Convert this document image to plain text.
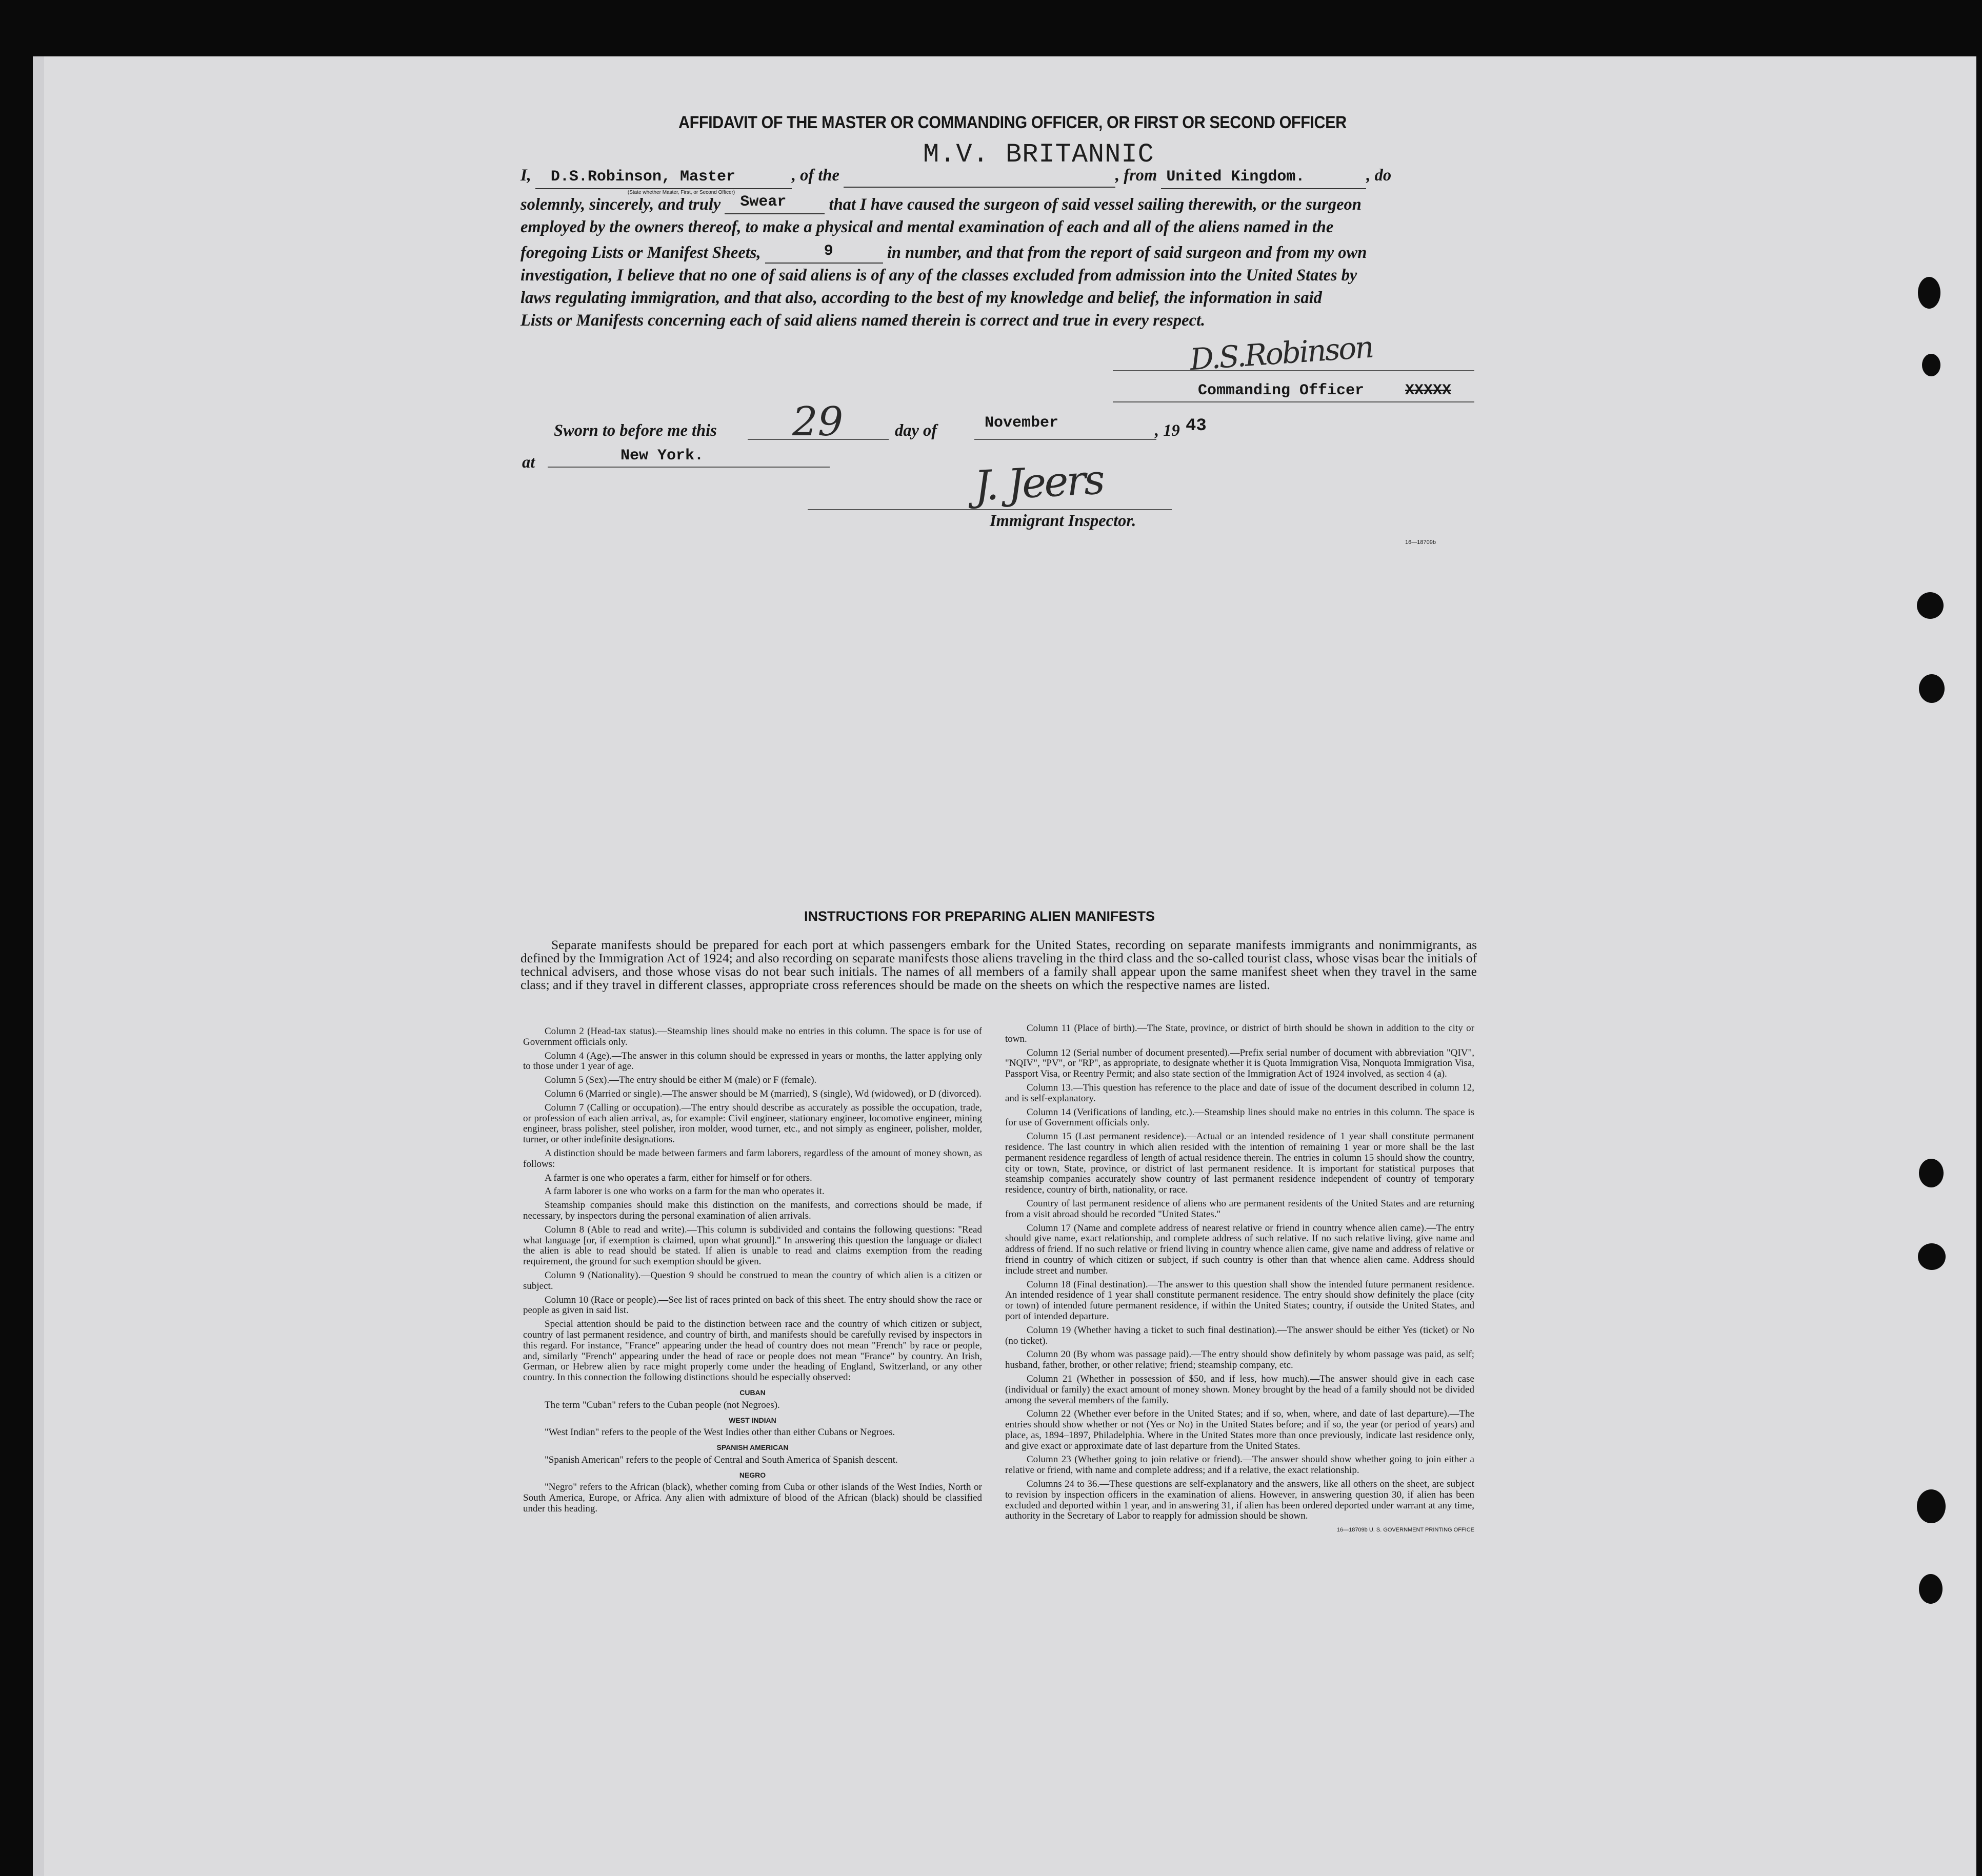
AFFIDAVIT OF THE MASTER OR COMMANDING OFFICER, OR FIRST OR SECOND OFFICER
M.V. BRITANNIC

I, D.S.Robinson, Master
(State whether Master, First, or Second Officer)
, of the	, from United Kingdom.	, do

solemnly, sincerely, and truly Swear	that I have caused the surgeon of said vessel sailing therewith, or the surgeon

employed by the owners thereof, to make a physical and mental examination of each and all of the aliens named in the

foregoing Lists or Manifest Sheets,	9	in number, and that from the report of said surgeon and from my own

investigation, I believe that no one of said aliens is of any of the classes excluded from admission into the United States by

laws regulating immigration, and that also, according to the best of my knowledge and belief, the information in said

Lists or Manifests concerning each of said aliens named therein is correct and true in every respect.

D.S.Robinson
Commanding Officer	XXXXX
Sworn to before me this 29	day of	November	, 19 43
at	New York.	J. Jeers
Immigrant Inspector.
16—18709b
INSTRUCTIONS FOR PREPARING ALIEN MANIFESTS

Separate manifests should be prepared for each port at which passengers embark for the United States, recording on separate manifests immigrants and nonimmigrants, as defined by the Immigration Act of 1924; and also recording on separate manifests those aliens traveling in the third class and the so-called tourist class, whose visas bear the initials of technical advisers, and those whose visas do not bear such initials. The names of all members of a family shall appear upon the same manifest sheet when they travel in the same class; and if they travel in different classes, appropriate cross references should be made on the sheets on which the respective names are listed.

Column 2 (Head-tax status).—Steamship lines should make no entries in this column. The space is for use of Government officials only.

Column 4 (Age).—The answer in this column should be expressed in years or months, the latter applying only to those under 1 year of age.

Column 5 (Sex).—The entry should be either M (male) or F (female).

Column 6 (Married or single).—The answer should be M (married), S (single), Wd (widowed), or D (divorced).

Column 7 (Calling or occupation).—The entry should describe as accurately as possible the occupation, trade, or profession of each alien arrival, as, for example: Civil engineer, stationary engineer, locomotive engineer, mining engineer, brass polisher, steel polisher, iron molder, wood turner, etc., and not simply as engineer, polisher, molder, turner, or other indefinite designations.

A distinction should be made between farmers and farm laborers, regardless of the amount of money shown, as follows:

A farmer is one who operates a farm, either for himself or for others.

A farm laborer is one who works on a farm for the man who operates it.

Steamship companies should make this distinction on the manifests, and corrections should be made, if necessary, by inspectors during the personal examination of alien arrivals.

Column 8 (Able to read and write).—This column is subdivided and contains the following questions: "Read what language [or, if exemption is claimed, upon what ground]." In answering this question the language or dialect the alien is able to read should be stated. If alien is unable to read and claims exemption from the reading requirement, the ground for such exemption should be given.

Column 9 (Nationality).—Question 9 should be construed to mean the country of which alien is a citizen or subject.

Column 10 (Race or people).—See list of races printed on back of this sheet. The entry should show the race or people as given in said list.

Special attention should be paid to the distinction between race and the country of which citizen or subject, country of last permanent residence, and country of birth, and manifests should be carefully revised by inspectors in this regard. For instance, "France" appearing under the head of country does not mean "French" by race or people, and, similarly "French" appearing under the head of race or people does not mean "France" by country. An Irish, German, or Hebrew alien by race might properly come under the heading of England, Switzerland, or any other country. In this connection the following distinctions should be especially observed:

CUBAN

The term "Cuban" refers to the Cuban people (not Negroes).

WEST INDIAN

"West Indian" refers to the people of the West Indies other than either Cubans or Negroes.

SPANISH AMERICAN

"Spanish American" refers to the people of Central and South America of Spanish descent.

NEGRO

"Negro" refers to the African (black), whether coming from Cuba or other islands of the West Indies, North or South America, Europe, or Africa. Any alien with admixture of blood of the African (black) should be classified under this heading.

Column 11 (Place of birth).—The State, province, or district of birth should be shown in addition to the city or town.

Column 12 (Serial number of document presented).—Prefix serial number of document with abbreviation "QIV", "NQIV", "PV", or "RP", as appropriate, to designate whether it is Quota Immigration Visa, Nonquota Immigration Visa, Passport Visa, or Reentry Permit; and also state section of the Immigration Act of 1924 involved, as section 4 (a).

Column 13.—This question has reference to the place and date of issue of the document described in column 12, and is self-explanatory.

Column 14 (Verifications of landing, etc.).—Steamship lines should make no entries in this column. The space is for use of Government officials only.

Column 15 (Last permanent residence).—Actual or an intended residence of 1 year shall constitute permanent residence. The last country in which alien resided with the intention of remaining 1 year or more shall be the last permanent residence regardless of length of actual residence therein. The entries in column 15 should show the country, city or town, State, province, or district of last permanent residence. It is important for statistical purposes that steamship companies accurately show country of last permanent residence independent of country of temporary residence, country of birth, nationality, or race.

Country of last permanent residence of aliens who are permanent residents of the United States and are returning from a visit abroad should be recorded "United States."

Column 17 (Name and complete address of nearest relative or friend in country whence alien came).—The entry should give name, exact relationship, and complete address of such relative. If no such relative living, give name and address of friend. If no such relative or friend living in country whence alien came, give name and address of relative or friend in country of which citizen or subject, if such country is other than that whence alien came. Address should include street and number.

Column 18 (Final destination).—The answer to this question shall show the intended future permanent residence. An intended residence of 1 year shall constitute permanent residence. The entry should show definitely the place (city or town) of intended future permanent residence, if within the United States; country, if outside the United States, and port of intended departure.

Column 19 (Whether having a ticket to such final destination).—The answer should be either Yes (ticket) or No (no ticket).

Column 20 (By whom was passage paid).—The entry should show definitely by whom passage was paid, as self; husband, father, brother, or other relative; friend; steamship company, etc.

Column 21 (Whether in possession of $50, and if less, how much).—The answer should give in each case (individual or family) the exact amount of money shown. Money brought by the head of a family should not be divided among the several members of the family.

Column 22 (Whether ever before in the United States; and if so, when, where, and date of last departure).—The entries should show whether or not (Yes or No) in the United States before; and if so, the year (or period of years) and place, as, 1894–1897, Philadelphia. Where in the United States more than once previously, indicate last residence only, and give exact or approximate date of last departure from the United States.

Column 23 (Whether going to join relative or friend).—The answer should show whether going to join either a relative or friend, with name and complete address; and if a relative, the exact relationship.

Columns 24 to 36.—These questions are self-explanatory and the answers, like all others on the sheet, are subject to revision by inspection officers in the examination of aliens. However, in answering question 30, if alien has been excluded and deported within 1 year, and in answering 31, if alien has been ordered deported under warrant at any time, authority in the Secretary of Labor to reapply for admission should be shown.

16—18709b U. S. GOVERNMENT PRINTING OFFICE
